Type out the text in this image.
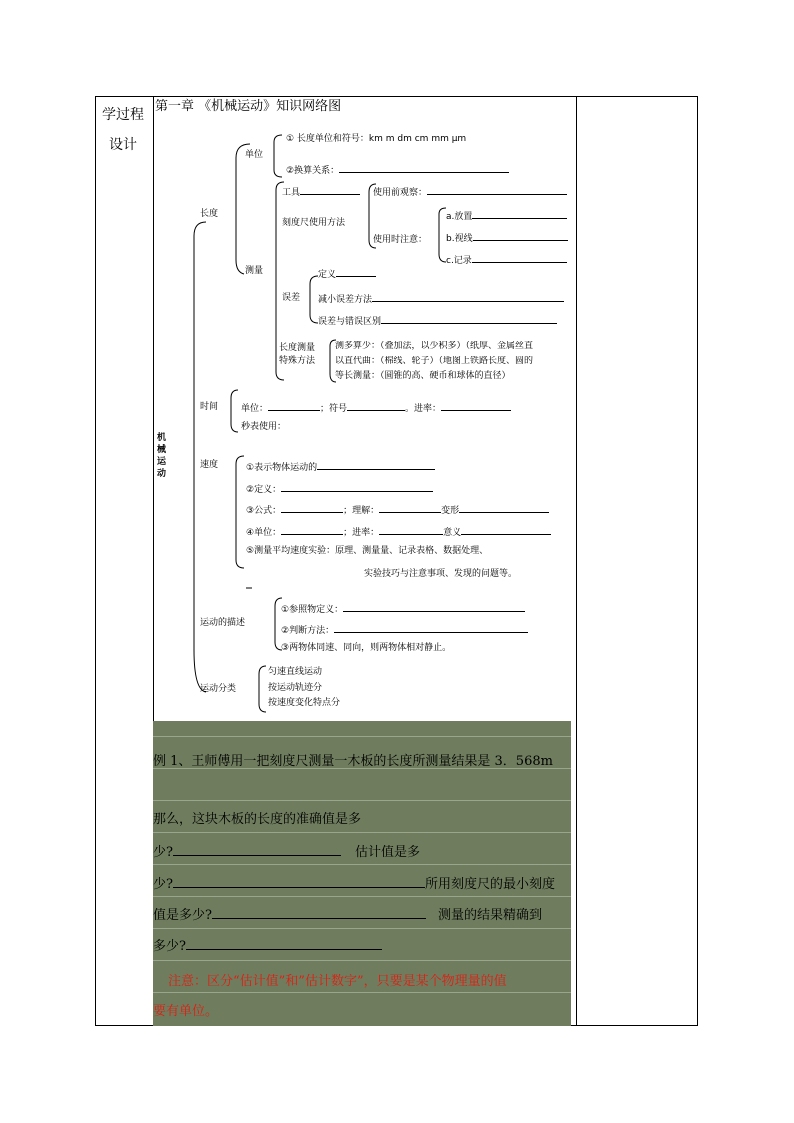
学过程设计
第一章 《机械运动》知识网络图
机械运动
长度
单位
① 长度单位和符号：km m dm cm mm μm
②换算关系：
测量
工具
刻度尺使用方法
使用前观察：
使用时注意：
a.放置
b.视线
c.记录
误差
定义
减小误差方法
误差与错误区别
长度测量
特殊方法
测多算少：（叠加法，以少积多）（纸厚、金属丝直
以直代曲：（棉线、轮子）（地图上铁路长度、圆的
等长测量：（圆锥的高、硬币和球体的直径）
时间	单位：	；符号	。进率：
秒表使用：
速度	①表示物体运动的
②定义：
③公式：	；理解：	变形
④单位：	；进率：	意义
⑤测量平均速度实验：原理、测量量、记录表格、数据处理、
实验技巧与注意事项、发现的问题等。
运动的描述
①参照物定义：
②判断方法：
③两物体同速、同向，则两物体相对静止。
运动分类
匀速直线运动
按运动轨迹分
按速度变化特点分
例 1、王师傅用一把刻度尺测量一木板的长度所测量结果是 3．568m
那么，这块木板的长度的准确值是多
少?	估计值是多
少?	所用刻度尺的最小刻度
值是多少?	测量的结果精确到
多少?
注意：区分“估计值”和”估计数字”，只要是某个物理量的值
要有单位。
